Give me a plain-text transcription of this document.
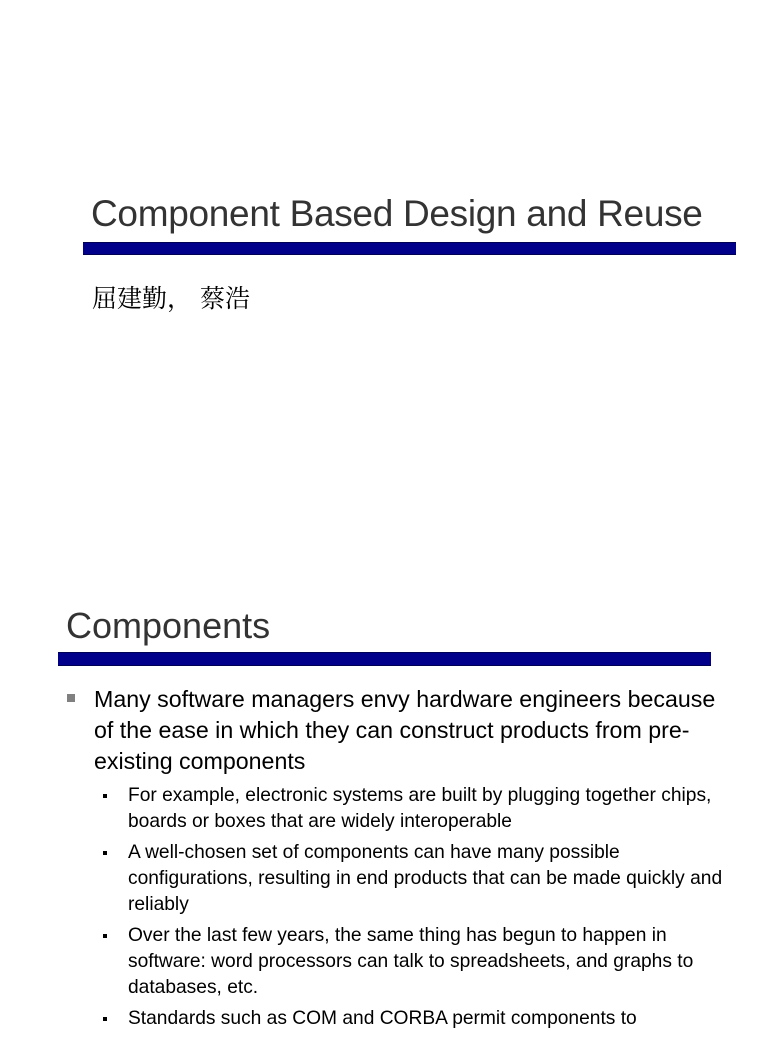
Component Based Design and Reuse
屈建勤， 蔡浩
Components
Many software managers envy hardware engineers because of the ease in which they can construct products from pre-existing components
For example, electronic systems are built by plugging together chips, boards or boxes that are widely interoperable
A well-chosen set of components can have many possible configurations, resulting in end products that can be made quickly and reliably
Over the last few years, the same thing has begun to happen in software: word processors can talk to spreadsheets, and graphs to databases, etc.
Standards such as COM and CORBA permit components to
